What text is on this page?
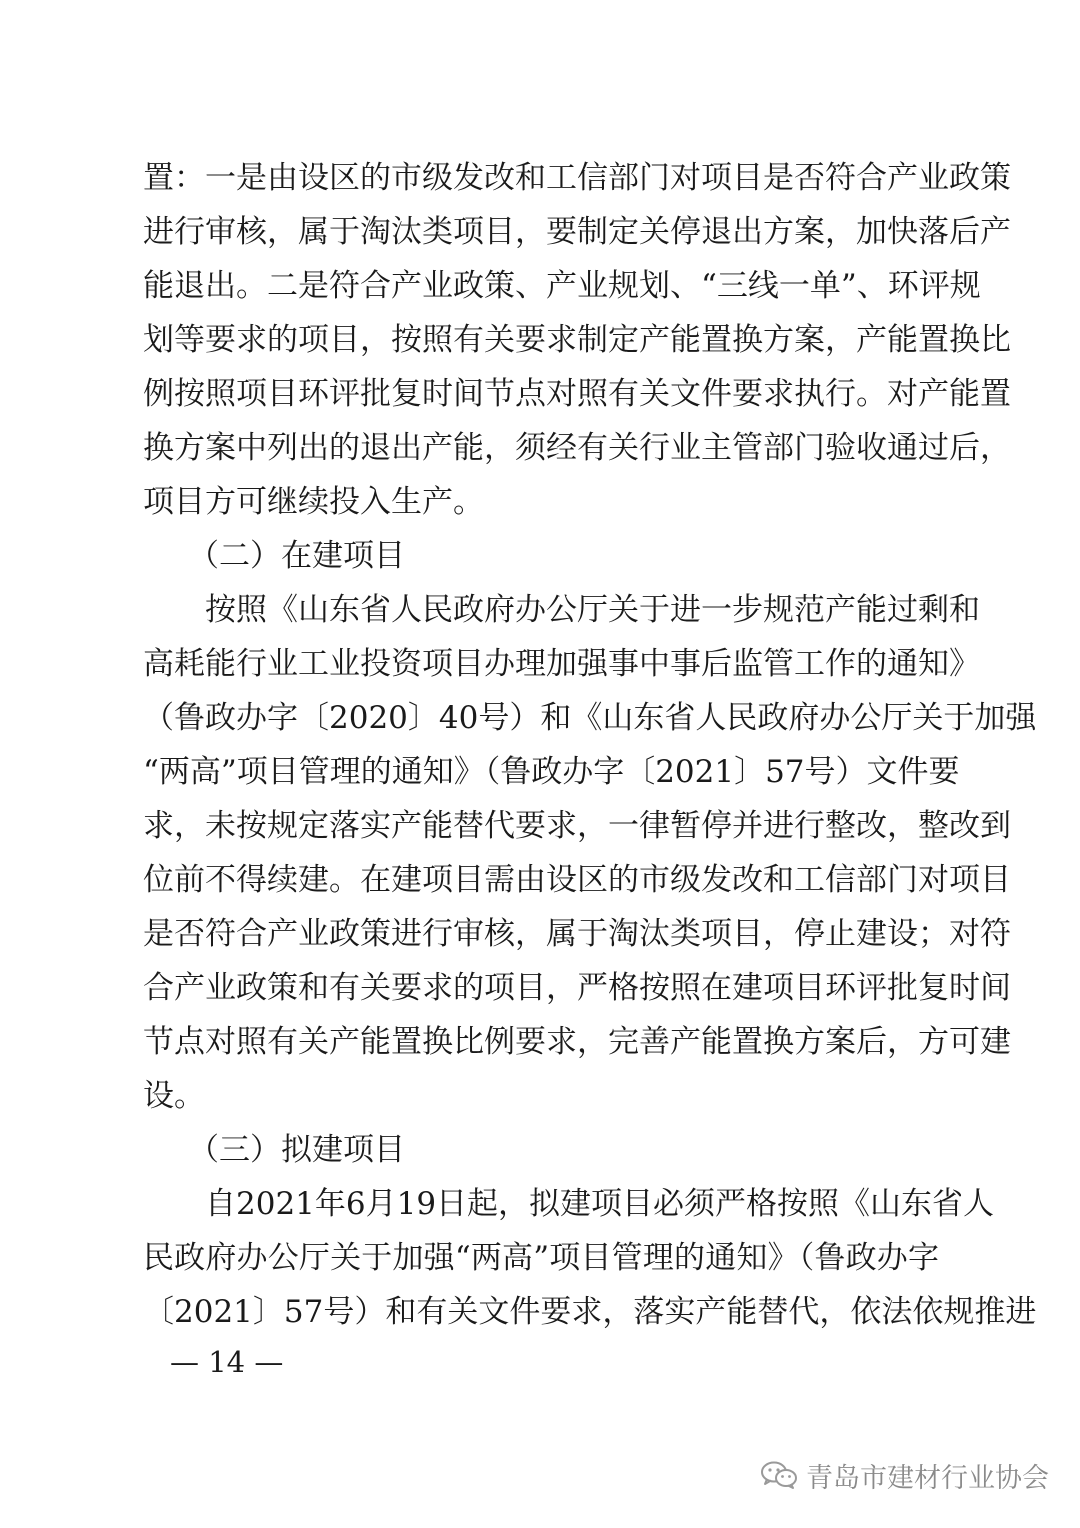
置：一是由设区的市级发改和工信部门对项目是否符合产业政策
进行审核，属于淘汰类项目，要制定关停退出方案，加快落后产
能退出。二是符合产业政策、产业规划、“三线一单”、环评规
划等要求的项目，按照有关要求制定产能置换方案，产能置换比
例按照项目环评批复时间节点对照有关文件要求执行。对产能置
换方案中列出的退出产能，须经有关行业主管部门验收通过后，
项目方可继续投入生产。
（二）在建项目
按照《山东省人民政府办公厅关于进一步规范产能过剩和
高耗能行业工业投资项目办理加强事中事后监管工作的通知》
（鲁政办字〔2020〕40号）和《山东省人民政府办公厅关于加强
“两高”项目管理的通知》（鲁政办字〔2021〕57号）文件要
求，未按规定落实产能替代要求，一律暂停并进行整改，整改到
位前不得续建。在建项目需由设区的市级发改和工信部门对项目
是否符合产业政策进行审核，属于淘汰类项目，停止建设；对符
合产业政策和有关要求的项目，严格按照在建项目环评批复时间
节点对照有关产能置换比例要求，完善产能置换方案后，方可建
设。
（三）拟建项目
自2021年6月19日起，拟建项目必须严格按照《山东省人
民政府办公厅关于加强“两高”项目管理的通知》（鲁政办字
〔2021〕57号）和有关文件要求，落实产能替代，依法依规推进
— 14 —
青岛市建材行业协会
